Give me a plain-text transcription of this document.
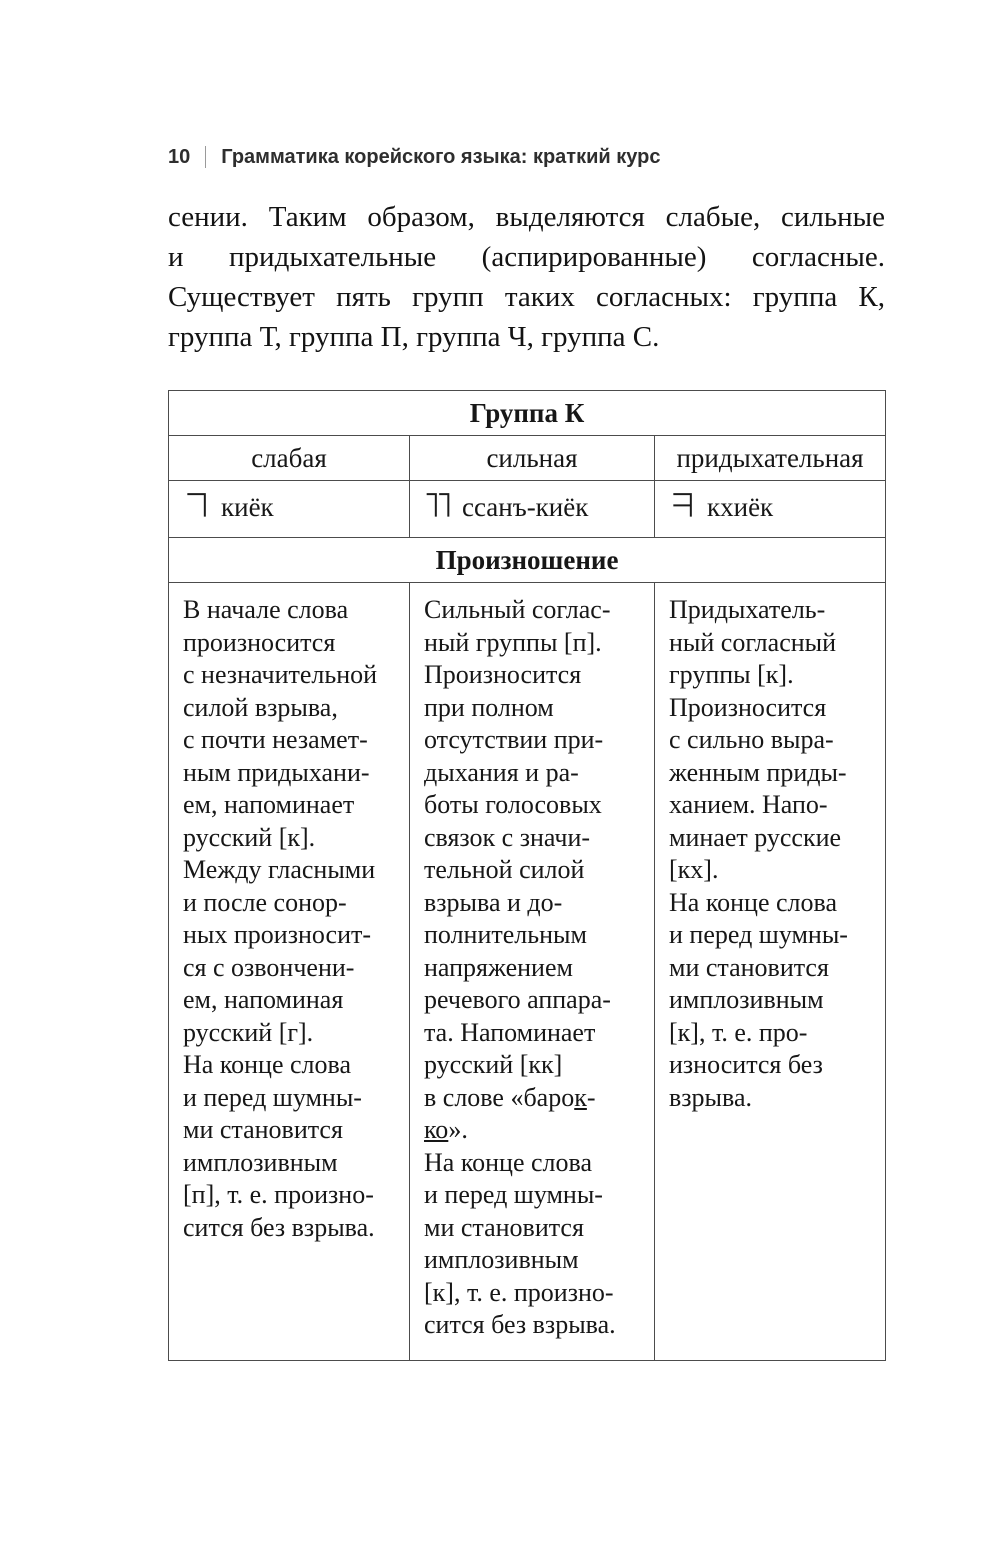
10 Грамматика корейского языка: краткий курс
сении. Таким образом, выделяются слабые, сильные
и придыхательные (аспирированные) согласные.
Существует пять групп таких согласных: группа К,
группа Т, группа П, группа Ч, группа С.
Группа К		
слабая	сильная	придыхательная
киёк	ссанъ-киёк	кхиёк
Произношение		

В начале слова
произносится
с незначительной
силой взрыва,
с почти незамет-
ным придыхани-
ем, напоминает
русский [к].
Между гласными
и после сонор-
ных произносит-
ся с озвончени-
ем, напоминая
русский [г].
На конце слова
и перед шумны-
ми становится
имплозивным
[п], т. е. произно-
сится без взрыва.

Сильный соглас-
ный группы [п].
Произносится
при полном
отсутствии при-
дыхания и ра-
боты голосовых
связок с значи-
тельной силой
взрыва и до-
полнительным
напряжением
речевого аппара-
та. Напоминает
русский [кк]
в слове «барок-
ко».
На конце слова
и перед шумны-
ми становится
имплозивным
[к], т. е. произно-
сится без взрыва.

Придыхатель-
ный согласный
группы [к].
Произносится
с сильно выра-
женным приды-
ханием. Напо-
минает русские
[кх].
На конце слова
и перед шумны-
ми становится
имплозивным
[к], т. е. про-
износится без
взрыва.
